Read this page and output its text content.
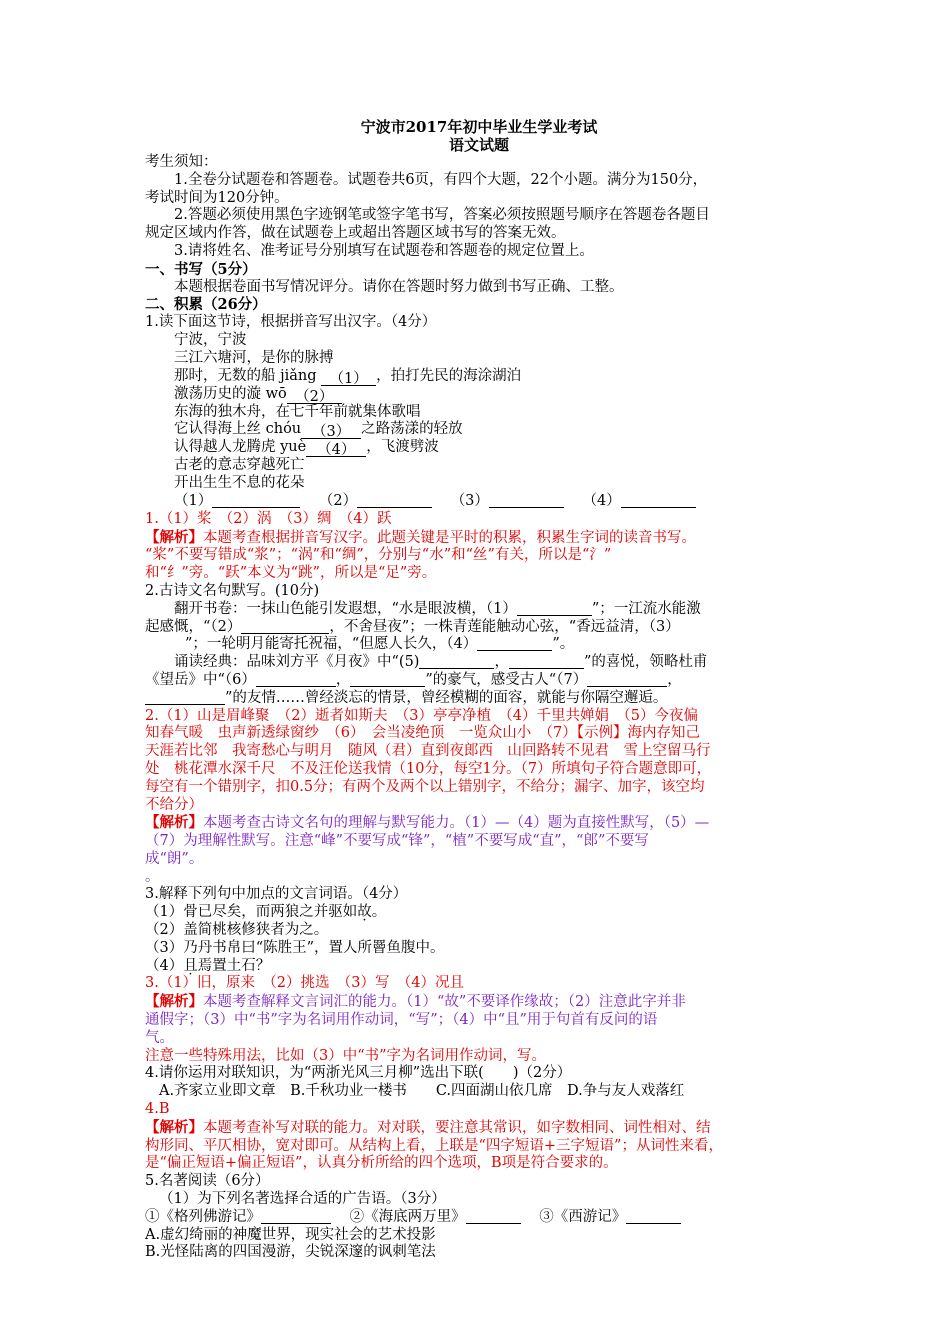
宁波市2017年初中毕业生学业考试
语文试题
考生须知：
1.全卷分试题卷和答题卷。试题卷共6页，有四个大题，22个小题。满分为150分，
考试时间为120分钟。
2.答题必须使用黑色字迹钢笔或签字笔书写，答案必须按照题号顺序在答题卷各题目
规定区域内作答，做在试题卷上或超出答题区域书写的答案无效。
3.请将姓名、准考证号分别填写在试题卷和答题卷的规定位置上。
一、书写（5分）
本题根据卷面书写情况评分。请你在答题时努力做到书写正确、工整。
二、积累（26分）
1.读下面这节诗，根据拼音写出汉字。（4分）
宁波，宁波
三江六塘河，是你的脉搏
那时，无数的船 jiǎng （1） ，拍打先民的海涂湖泊
激荡历史的漩 wō （2）
东海的独木舟，在七千年前就集体歌唱
它认得海上丝 chóu （3） 之路荡漾的轻放
认得越人龙腾虎 yuè （4） ，飞渡劈波
古老的意志穿越死亡
开出生生不息的花朵
（1）	（2）	（3）	（4）
1.（1）桨　（2）涡　（3）绸　（4）跃
【解析】本题考查根据拼音写汉字。此题关键是平时的积累，积累生字词的读音书写。
“桨”不要写错成“浆”；“涡”和“绸”，分别与“水”和“丝”有关，所以是“氵”
和“纟”旁。“跃”本义为“跳”，所以是“足”旁。
2.古诗文名句默写。(10分)
翻开书卷：一抹山色能引发遐想，“水是眼波横，（1）	”；一江流水能激
起感慨，“（2）	，不舍昼夜”；一株青莲能触动心弦，“香远益清，（3）
”；一轮明月能寄托祝福，“但愿人长久，（4）	”。
诵读经典：品味刘方平《月夜》中“(5)	，	”的喜悦，领略杜甫
《望岳》中“（6）	，	”的豪气，感受古人“（7）	，
”的友情……曾经淡忘的情景，曾经模糊的面容，就能与你隔空邂逅。
2.（1）山是眉峰聚　（2）逝者如斯夫　（3）亭亭净植　（4）千里共婵娟　（5）今夜偏
知春气暖　虫声新透绿窗纱　（6）　会当凌绝顶　一览众山小　（7）【示例】海内存知己
天涯若比邻　我寄愁心与明月　随风（君）直到夜郎西　山回路转不见君　雪上空留马行
处　桃花潭水深千尺　不及汪伦送我情（10分，每空1分。（7）所填句子符合题意即可，
每空有一个错别字，扣0.5分；有两个及两个以上错别字，不给分；漏字、加字，该空均
不给分）
【解析】本题考查古诗文名句的理解与默写能力。（1）—（4）题为直接性默写，（5）—
（7）为理解性默写。注意“峰”不要写成“锋”，“植”不要写成“直”，“郎”不要写
成“朗”。
。
3.解释下列句中加点的文言词语。（4分）
（1）骨已尽矣，而两狼之并驱如故。
（2）盖简桃核修狭者为之。
（3）乃丹书帛曰“陈胜王”，置人所罾鱼腹中。
（4）且焉置土石？
3.（1）旧，原来　（2）挑选　（3）写　（4）况且
【解析】本题考查解释文言词汇的能力。（1）“故”不要译作缘故；（2）注意此字并非
通假字；（3）中“书”字为名词用作动词，“写”；（4）中“且”用于句首有反问的语
气。
注意一些特殊用法，比如（3）中“书”字为名词用作动词，写。
4.请你运用对联知识，为“两浙光风三月柳”选出下联(　　)（2分）
A.齐家立业即文章　B.千秋功业一楼书　　C.四面湖山依几席　D.争与友人戏落红
4.B
【解析】本题考查补写对联的能力。对对联，要注意其常识，如字数相同、词性相对、结
构形同、平仄相协，宽对即可。从结构上看，上联是“四字短语+三字短语”；从词性来看，
是“偏正短语+偏正短语”，认真分析所给的四个选项，B项是符合要求的。
5.名著阅读（6分）
（1）为下列名著选择合适的广告语。（3分）
①《格列佛游记》	②《海底两万里》	③《西游记》
A.虚幻绮丽的神魔世界，现实社会的艺术投影
B.光怪陆离的四国漫游，尖锐深邃的讽刺笔法
